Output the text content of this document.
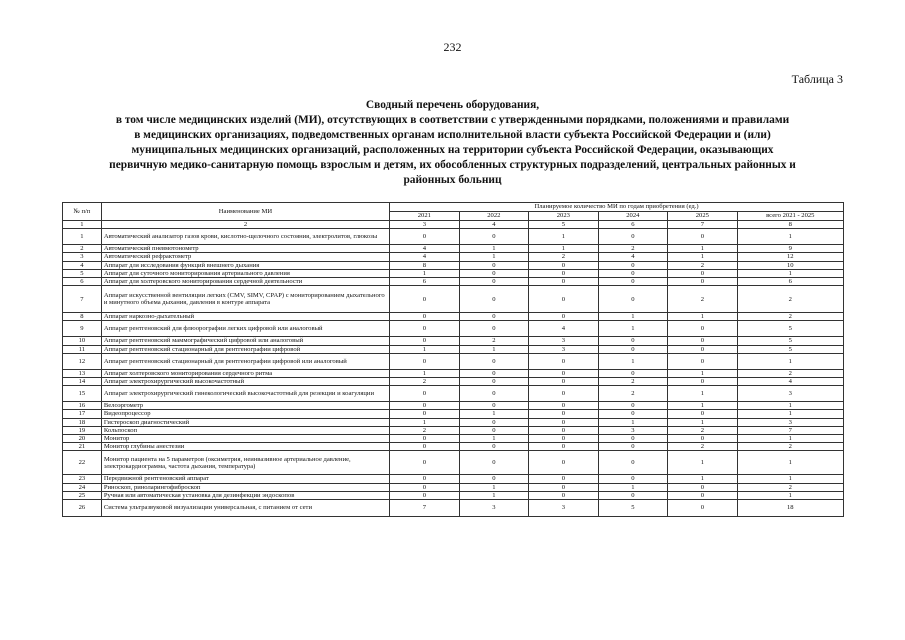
232
Таблица 3
Сводный перечень оборудования,
в том числе медицинских изделий (МИ), отсутствующих в соответствии с утвержденными порядками, положениями и правилами
в медицинских организациях, подведомственных органам исполнительной власти субъекта Российской Федерации и (или)
муниципальных медицинских организаций, расположенных на территории субъекта Российской Федерации, оказывающих
первичную медико-санитарную помощь взрослым и детям, их обособленных структурных подразделений, центральных районных и
районных больниц
№ п/п	Наименование МИ	Планируемое количество МИ по годам приобретения (ед.)					
		2021	2022	2023	2024	2025	всего 2021 - 2025
1	2	3	4	5	6	7	8
1	Автоматический анализатор газов крови, кислотно-щелочного состояния, электролитов, глюкозы	0	0	1	0	0	1
2	Автоматический пневмотонометр	4	1	1	2	1	9
3	Автоматический рефрактометр	4	1	2	4	1	12
4	Аппарат для исследования функций внешнего дыхания	8	0	0	0	2	10
5	Аппарат для суточного мониторирования артериального давления	1	0	0	0	0	1
6	Аппарат для холтеровского мониторирования сердечной деятельности	6	0	0	0	0	6
7	Аппарат искусственной вентиляции легких (CMV, SIMV, CPAP) с мониторированием дыхательного и минутного объема дыхания, давления в контуре аппарата	0	0	0	0	2	2
8	Аппарат наркозно-дыхательный	0	0	0	1	1	2
9	Аппарат рентгеновский для флюорографии легких цифровой или аналоговый	0	0	4	1	0	5
10	Аппарат рентгеновский маммографический цифровой или аналоговый	0	2	3	0	0	5
11	Аппарат рентгеновский стационарный для рентгенографии цифровой	1	1	3	0	0	5
12	Аппарат рентгеновский стационарный для рентгенографии цифровой или аналоговый	0	0	0	1	0	1
13	Аппарат холтеровского мониторирования сердечного ритма	1	0	0	0	1	2
14	Аппарат электрохирургический высокочастотный	2	0	0	2	0	4
15	Аппарат электрохирургический гинекологический высокочастотный для резекции и коагуляции	0	0	0	2	1	3
16	Велоэргометр	0	0	0	0	1	1
17	Видеопроцессор	0	1	0	0	0	1
18	Гистероскоп диагностический	1	0	0	1	1	3
19	Кольпоскоп	2	0	0	3	2	7
20	Монитор	0	1	0	0	0	1
21	Монитор глубины анестезии	0	0	0	0	2	2
22	Монитор пациента на 5 параметров (оксиметрия, неинвазивное артериальное давление, электрокардиограмма, частота дыхания, температура)	0	0	0	0	1	1
23	Передвижной рентгеновский аппарат	0	0	0	0	1	1
24	Риноскоп, риноларингофиброскоп	0	1	0	1	0	2
25	Ручная или автоматическая установка для дезинфекции эндоскопов	0	1	0	0	0	1
26	Система ультразвуковой визуализации универсальная, с питанием от сети	7	3	3	5	0	18
